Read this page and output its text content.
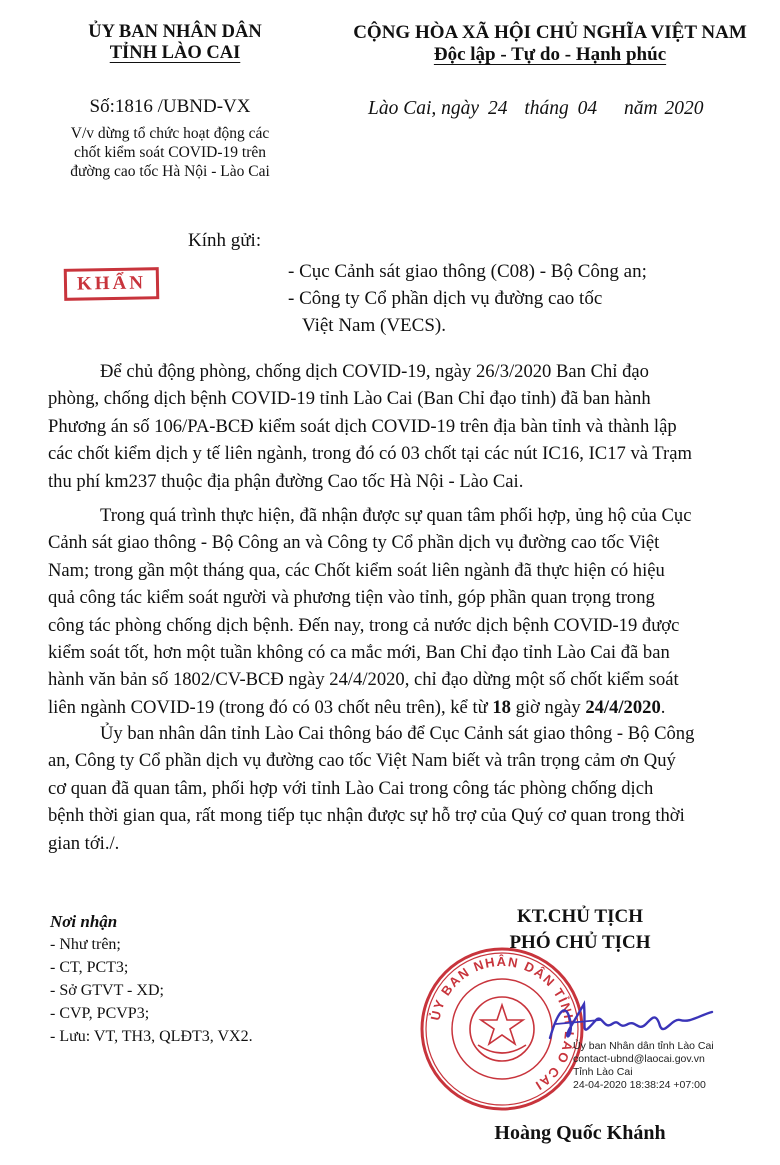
ỦY BAN NHÂN DÂN
TỈNH LÀO CAI
Số:1816 /UBND-VX
V/v dừng tổ chức hoạt động các
chốt kiểm soát COVID-19 trên
đường cao tốc Hà Nội - Lào Cai
CỘNG HÒA XÃ HỘI CHỦ NGHĨA VIỆT NAM
Độc lập - Tự do - Hạnh phúc
Lào Cai, ngày 24 tháng 04 năm 2020
Kính gửi:
- Cục Cảnh sát giao thông (C08) - Bộ Công an;
- Công ty Cổ phần dịch vụ đường cao tốc
Việt Nam (VECS).
KHẨN
Để chủ động phòng, chống dịch COVID-19, ngày 26/3/2020 Ban Chỉ đạo
phòng, chống dịch bệnh COVID-19 tỉnh Lào Cai (Ban Chỉ đạo tỉnh) đã ban hành
Phương án số 106/PA-BCĐ kiểm soát dịch COVID-19 trên địa bàn tỉnh và thành lập
các chốt kiểm dịch y tế liên ngành, trong đó có 03 chốt tại các nút IC16, IC17 và Trạm
thu phí km237 thuộc địa phận đường Cao tốc Hà Nội - Lào Cai.
Trong quá trình thực hiện, đã nhận được sự quan tâm phối hợp, ủng hộ của Cục
Cảnh sát giao thông - Bộ Công an và Công ty Cổ phần dịch vụ đường cao tốc Việt
Nam; trong gần một tháng qua, các Chốt kiểm soát liên ngành đã thực hiện có hiệu
quả công tác kiểm soát người và phương tiện vào tỉnh, góp phần quan trọng trong
công tác phòng chống dịch bệnh. Đến nay, trong cả nước dịch bệnh COVID-19 được
kiểm soát tốt, hơn một tuần không có ca mắc mới, Ban Chỉ đạo tỉnh Lào Cai đã ban
hành văn bản số 1802/CV-BCĐ ngày 24/4/2020, chỉ đạo dừng một số chốt kiểm soát
liên ngành COVID-19 (trong đó có 03 chốt nêu trên), kể từ 18 giờ ngày 24/4/2020.
Ủy ban nhân dân tỉnh Lào Cai thông báo để Cục Cảnh sát giao thông - Bộ Công
an, Công ty Cổ phần dịch vụ đường cao tốc Việt Nam biết và trân trọng cảm ơn Quý
cơ quan đã quan tâm, phối hợp với tỉnh Lào Cai trong công tác phòng chống dịch
bệnh thời gian qua, rất mong tiếp tục nhận được sự hỗ trợ của Quý cơ quan trong thời
gian tới./.
Nơi nhận
- Như trên;
- CT, PCT3;
- Sở GTVT - XD;
- CVP, PCVP3;
- Lưu: VT, TH3, QLĐT3, VX2.
KT.CHỦ TỊCH
PHÓ CHỦ TỊCH
ỦY BAN NHÂN DÂN TỈNH LÀO CAI
Ủy ban Nhân dân tỉnh Lào Cai
contact-ubnd@laocai.gov.vn
Tỉnh Lào Cai
24-04-2020 18:38:24 +07:00
Hoàng Quốc Khánh
